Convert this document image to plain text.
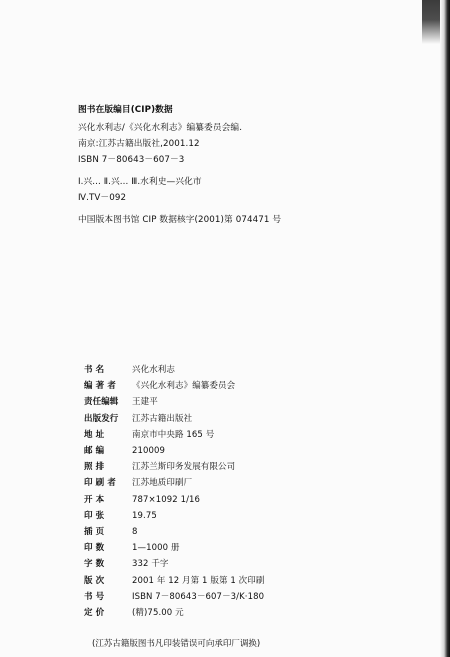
图书在版编目(CIP)数据
兴化水利志/《兴化水利志》编纂委员会编.
南京:江苏古籍出版社,2001.12
ISBN 7－80643－607－3
Ⅰ.兴... Ⅱ.兴... Ⅲ.水利史—兴化市
Ⅳ.TV－092
中国版本图书馆 CIP 数据核字(2001)第 074471 号
书 名	兴化水利志
编 著 者	《兴化水利志》编纂委员会
责任编辑	王建平
出版发行	江苏古籍出版社
地 址	南京市中央路 165 号
邮 编	210009
照 排	江苏兰斯印务发展有限公司
印 刷 者	江苏地质印刷厂
开 本	787×1092 1/16
印 张	19.75
插 页	8
印 数	1—1000 册
字 数	332 千字
版 次	2001 年 12 月第 1 版第 1 次印刷
书 号	ISBN 7－80643－607－3/K·180
定 价	(精)75.00 元
(江苏古籍版图书凡印装错误可向承印厂调换)
